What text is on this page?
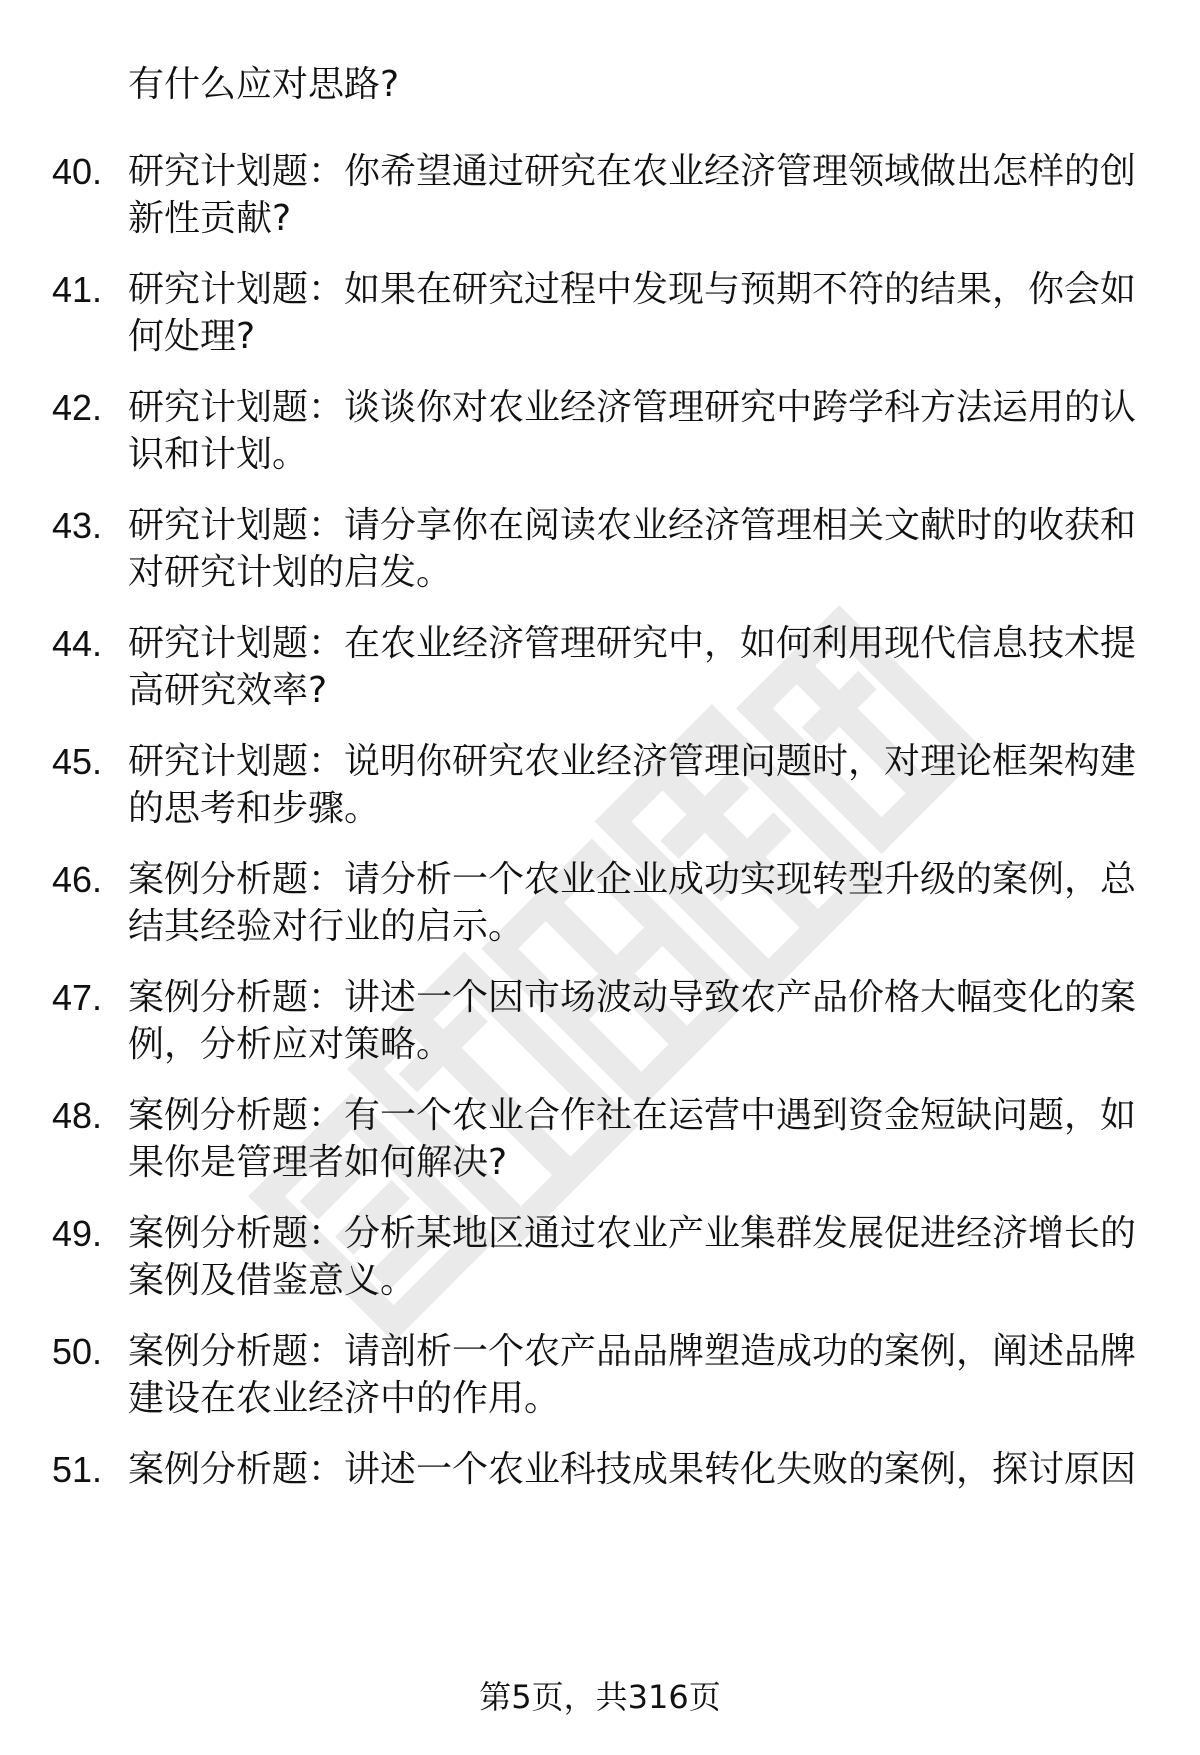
有什么应对思路?
40. 研究计划题：你希望通过研究在农业经济管理领域做出怎样的创
新性贡献?
41. 研究计划题：如果在研究过程中发现与预期不符的结果，你会如
何处理?
42. 研究计划题：谈谈你对农业经济管理研究中跨学科方法运用的认
识和计划。
43. 研究计划题：请分享你在阅读农业经济管理相关文献时的收获和
对研究计划的启发。
44. 研究计划题：在农业经济管理研究中，如何利用现代信息技术提
高研究效率?
45. 研究计划题：说明你研究农业经济管理问题时，对理论框架构建
的思考和步骤。
46. 案例分析题：请分析一个农业企业成功实现转型升级的案例，总
结其经验对行业的启示。
47. 案例分析题：讲述一个因市场波动导致农产品价格大幅变化的案
例，分析应对策略。
48. 案例分析题：有一个农业合作社在运营中遇到资金短缺问题，如
果你是管理者如何解决?
49. 案例分析题：分析某地区通过农业产业集群发展促进经济增长的
案例及借鉴意义。
50. 案例分析题：请剖析一个农产品品牌塑造成功的案例，阐述品牌
建设在农业经济中的作用。
51. 案例分析题：讲述一个农业科技成果转化失败的案例，探讨原因
第5页，共316页
